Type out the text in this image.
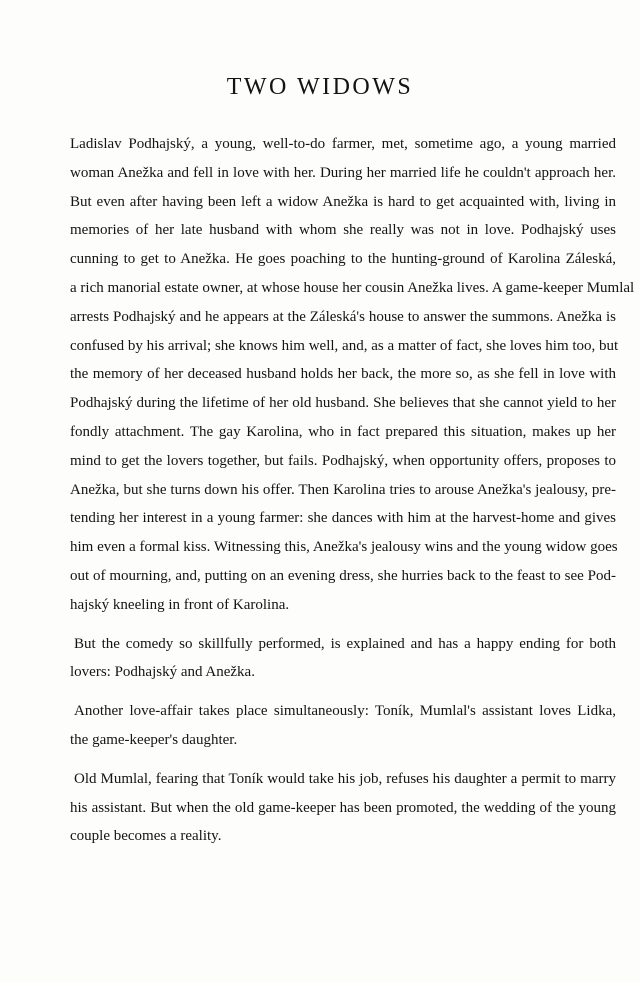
TWO WIDOWS
Ladislav Podhajský, a young, well-to-do farmer, met, sometime ago, a young married
woman Anežka and fell in love with her. During her married life he couldn't approach her.
But even after having been left a widow Anežka is hard to get acquainted with, living in
memories of her late husband with whom she really was not in love. Podhajský uses
cunning to get to Anežka. He goes poaching to the hunting-ground of Karolina Záleská,
a rich manorial estate owner, at whose house her cousin Anežka lives. A game-keeper Mumlal
arrests Podhajský and he appears at the Záleská's house to answer the summons. Anežka is
confused by his arrival; she knows him well, and, as a matter of fact, she loves him too, but
the memory of her deceased husband holds her back, the more so, as she fell in love with
Podhajský during the lifetime of her old husband. She believes that she cannot yield to her
fondly attachment. The gay Karolina, who in fact prepared this situation, makes up her
mind to get the lovers together, but fails. Podhajský, when opportunity offers, proposes to
Anežka, but she turns down his offer. Then Karolina tries to arouse Anežka's jealousy, pre-
tending her interest in a young farmer: she dances with him at the harvest-home and gives
him even a formal kiss. Witnessing this, Anežka's jealousy wins and the young widow goes
out of mourning, and, putting on an evening dress, she hurries back to the feast to see Pod-
hajský kneeling in front of Karolina.
But the comedy so skillfully performed, is explained and has a happy ending for both
lovers: Podhajský and Anežka.
Another love-affair takes place simultaneously: Toník, Mumlal's assistant loves Lidka,
the game-keeper's daughter.
Old Mumlal, fearing that Toník would take his job, refuses his daughter a permit to marry
his assistant. But when the old game-keeper has been promoted, the wedding of the young
couple becomes a reality.
